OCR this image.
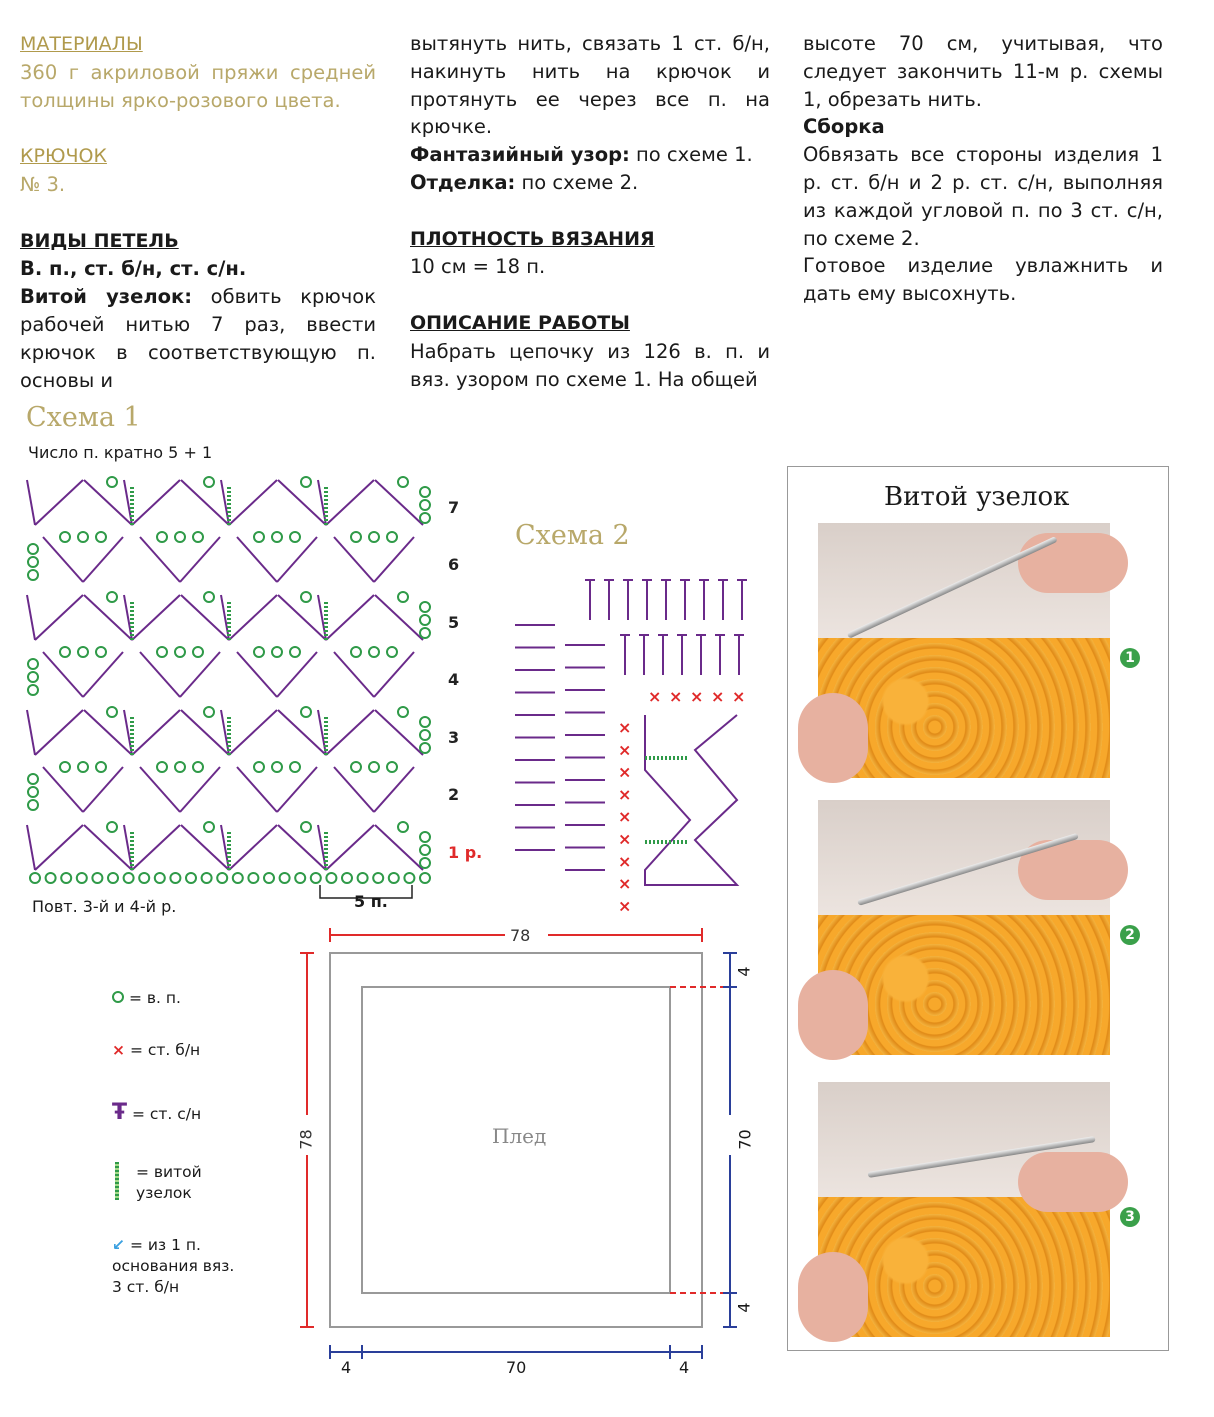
МАТЕРИАЛЫ

360 г акриловой пряжи средней толщины ярко-розового цвета.

КРЮЧОК

№ 3.

ВИДЫ ПЕТЕЛЬ

В. п., ст. б/н, ст. с/н.

Витой узелок: обвить крючок рабочей нитью 7 раз, ввести крючок в соответствующую п. основы и

вытянуть нить, связать 1 ст. б/н, накинуть нить на крючок и протянуть ее через все п. на крючке.

Фантазийный узор: по схеме 1.

Отделка: по схеме 2.

ПЛОТНОСТЬ ВЯЗАНИЯ

10 см = 18 п.

ОПИСАНИЕ РАБОТЫ

Набрать цепочку из 126 в. п. и вяз. узором по схеме 1. На общей

высоте 70 см, учитывая, что следует закончить 11-м р. схемы 1, обрезать нить.

Сборка

Обвязать все стороны изделия 1 р. ст. б/н и 2 р. ст. с/н, выполняя из каждой угловой п. по 3 ст. с/н, по схеме 2.

Готовое изделие увлажнить и дать ему высохнуть.

Схема 1
Число п. кратно 5 + 1
5 п.
Повт. 3-й и 4-й р.
Схема 2
×
×
×
×
×
×
×
×
×
× × × × ×
78
78
4
70
4
4	70	4
Плед
= в. п.
× = ст. б/н
Ŧ = ст. с/н
= витой узелок
↙ = из 1 п. основания вяз. 3 ст. б/н
Витой узелок
1
2
3
7
6
5
4
3
2
1 р.
